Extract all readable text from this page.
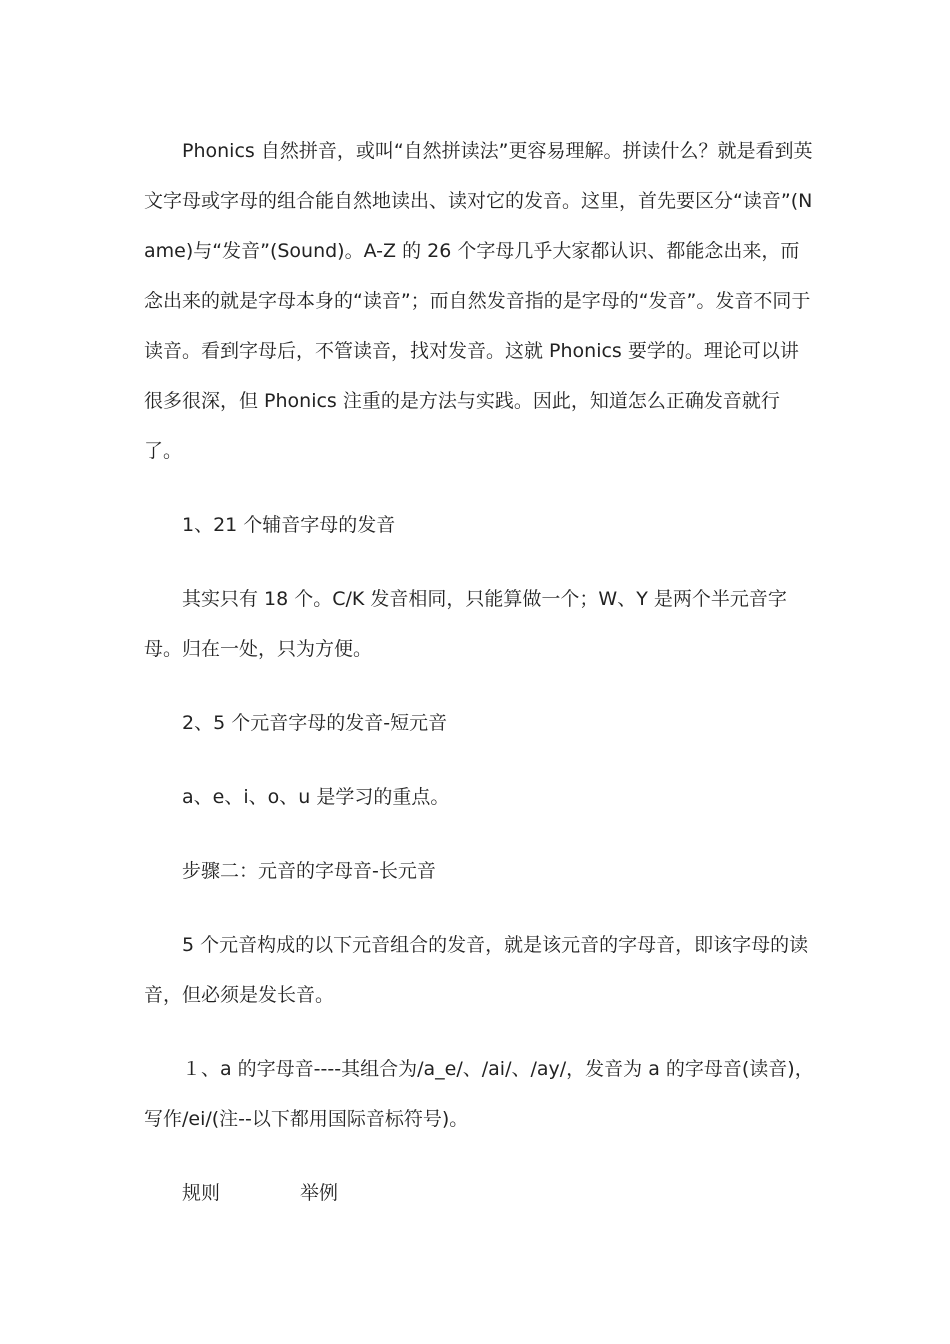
Phonics 自然拼音，或叫“自然拼读法”更容易理解。拼读什么？就是看到英文字母或字母的组合能自然地读出、读对它的发音。这里，首先要区分“读音”(Name)与“发音”(Sound)。A-Z 的 26 个字母几乎大家都认识、都能念出来，而念出来的就是字母本身的“读音”；而自然发音指的是字母的“发音”。发音不同于读音。看到字母后，不管读音，找对发音。这就 Phonics 要学的。理论可以讲很多很深，但 Phonics 注重的是方法与实践。因此，知道怎么正确发音就行了。

1、21 个辅音字母的发音

其实只有 18 个。C/K 发音相同，只能算做一个；W、Y 是两个半元音字母。归在一处，只为方便。

2、5 个元音字母的发音-短元音

a、e、i、o、u 是学习的重点。

步骤二：元音的字母音-长元音

5 个元音构成的以下元音组合的发音，就是该元音的字母音，即该字母的读音，但必须是发长音。

１、a 的字母音----其组合为/a_e/、/ai/、/ay/，发音为 a 的字母音(读音)，写作/ei/(注--以下都用国际音标符号)。

规则	举例
